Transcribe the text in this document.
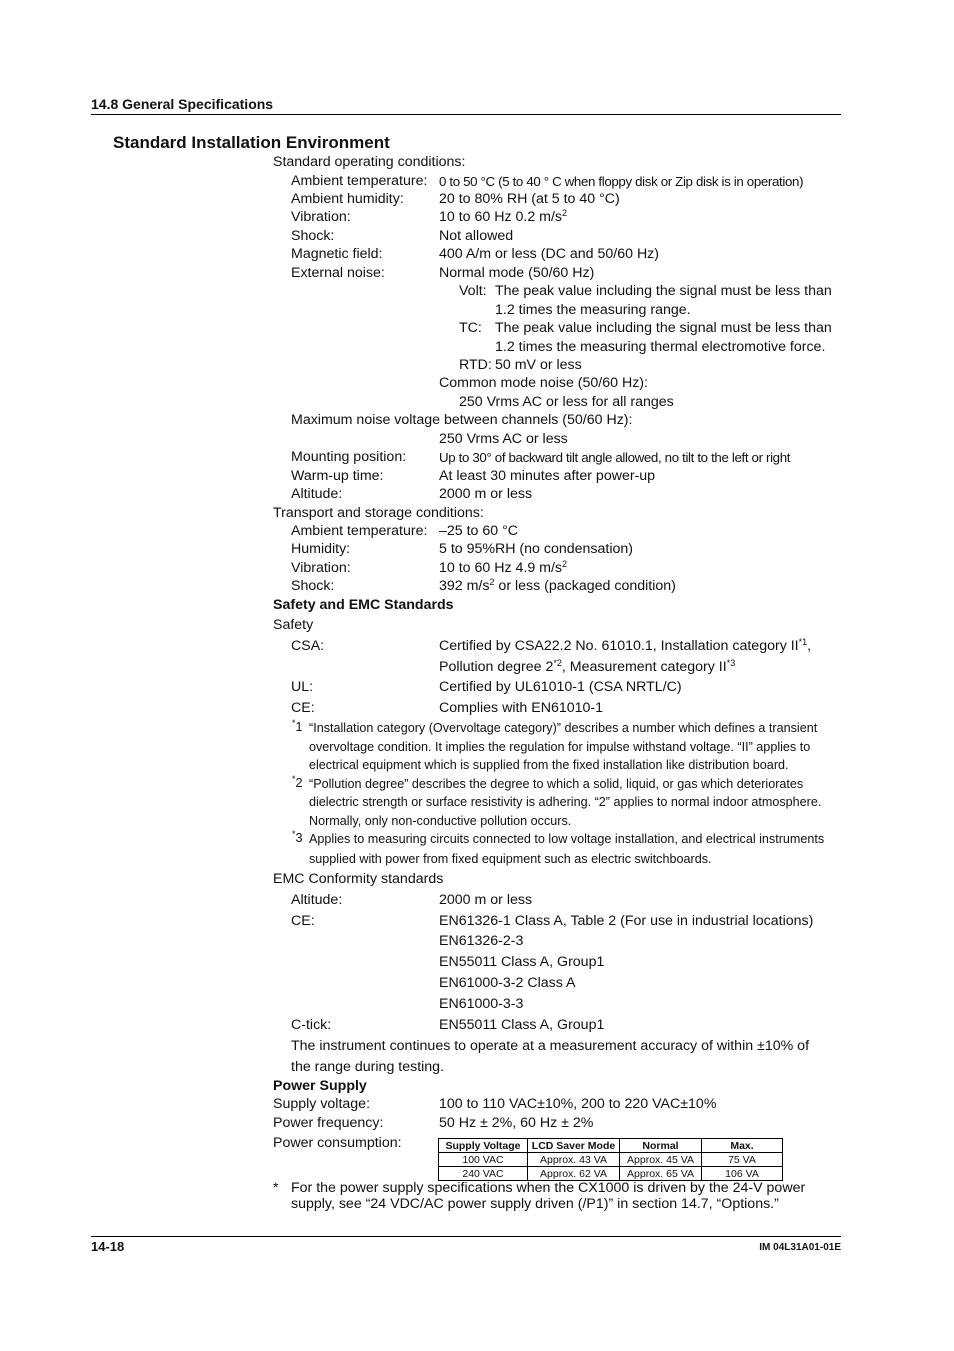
14.8 General Specifications
Standard Installation Environment
Standard operating conditions:
Ambient temperature: 0 to 50 °C (5 to 40 ° C when floppy disk or Zip disk is in operation)
Ambient humidity: 20 to 80% RH (at 5 to 40 °C)
Vibration:	10 to 60 Hz 0.2 $m/s^2$
Shock:	Not allowed
Magnetic field:	400 A/m or less (DC and 50/60 Hz)
External noise:	Normal mode (50/60 Hz)
Volt: The peak value including the signal must be less than
1.2 times the measuring range.
TC: The peak value including the signal must be less than
1.2 times the measuring thermal electromotive force.
RTD: 50 mV or less
Common mode noise (50/60 Hz):
250 Vrms AC or less for all ranges
Maximum noise voltage between channels (50/60 Hz):
250 Vrms AC or less
Mounting position: Up to 30° of backward tilt angle allowed, no tilt to the left or right
Warm-up time:	At least 30 minutes after power-up
Altitude:	2000 m or less
Transport and storage conditions:
Ambient temperature: –25 to 60 °C
Humidity:	5 to 95%RH (no condensation)
Vibration:	10 to 60 Hz 4.9 $m/s^2$
Shock:	392 $m/s^2$ or less (packaged condition)
Safety and EMC Standards
Safety
CSA:	Certified by CSA22.2 No. 61010.1, Installation category II$^{*1}$,
Pollution degree 2$^{*2}$, Measurement category II$^{*3}$
UL:	Certified by UL61010-1 (CSA NRTL/C)
CE:	Complies with EN61010-1
*1 “Installation category (Overvoltage category)” describes a number which defines a transient
overvoltage condition. It implies the regulation for impulse withstand voltage. “II” applies to
electrical equipment which is supplied from the fixed installation like distribution board.
*2 “Pollution degree” describes the degree to which a solid, liquid, or gas which deteriorates
dielectric strength or surface resistivity is adhering. “2” applies to normal indoor atmosphere.
Normally, only non-conductive pollution occurs.
*3 Applies to measuring circuits connected to low voltage installation, and electrical instruments
supplied with power from fixed equipment such as electric switchboards.
EMC Conformity standards
Altitude:	2000 m or less
CE:	EN61326-1 Class A, Table 2 (For use in industrial locations)
EN61326-2-3
EN55011 Class A, Group1
EN61000-3-2 Class A
EN61000-3-3
C-tick:	EN55011 Class A, Group1
The instrument continues to operate at a measurement accuracy of within ±10% of
the range during testing.
Power Supply
Supply voltage:	100 to 110 VAC±10%, 200 to 220 VAC±10%
Power frequency:	50 Hz ± 2%, 60 Hz ± 2%
Power consumption:	Supply Voltage	LCD Saver Mode	Normal	Max.
100 VAC	Approx. 43 VA	Approx. 45 VA	75 VA
240 VAC	Approx. 62 VA	Approx. 65 VA	106 VA
* For the power supply specifications when the CX1000 is driven by the 24-V power
supply, see “24 VDC/AC power supply driven (/P1)” in section 14.7, “Options.”
14-18	IM 04L31A01-01E
